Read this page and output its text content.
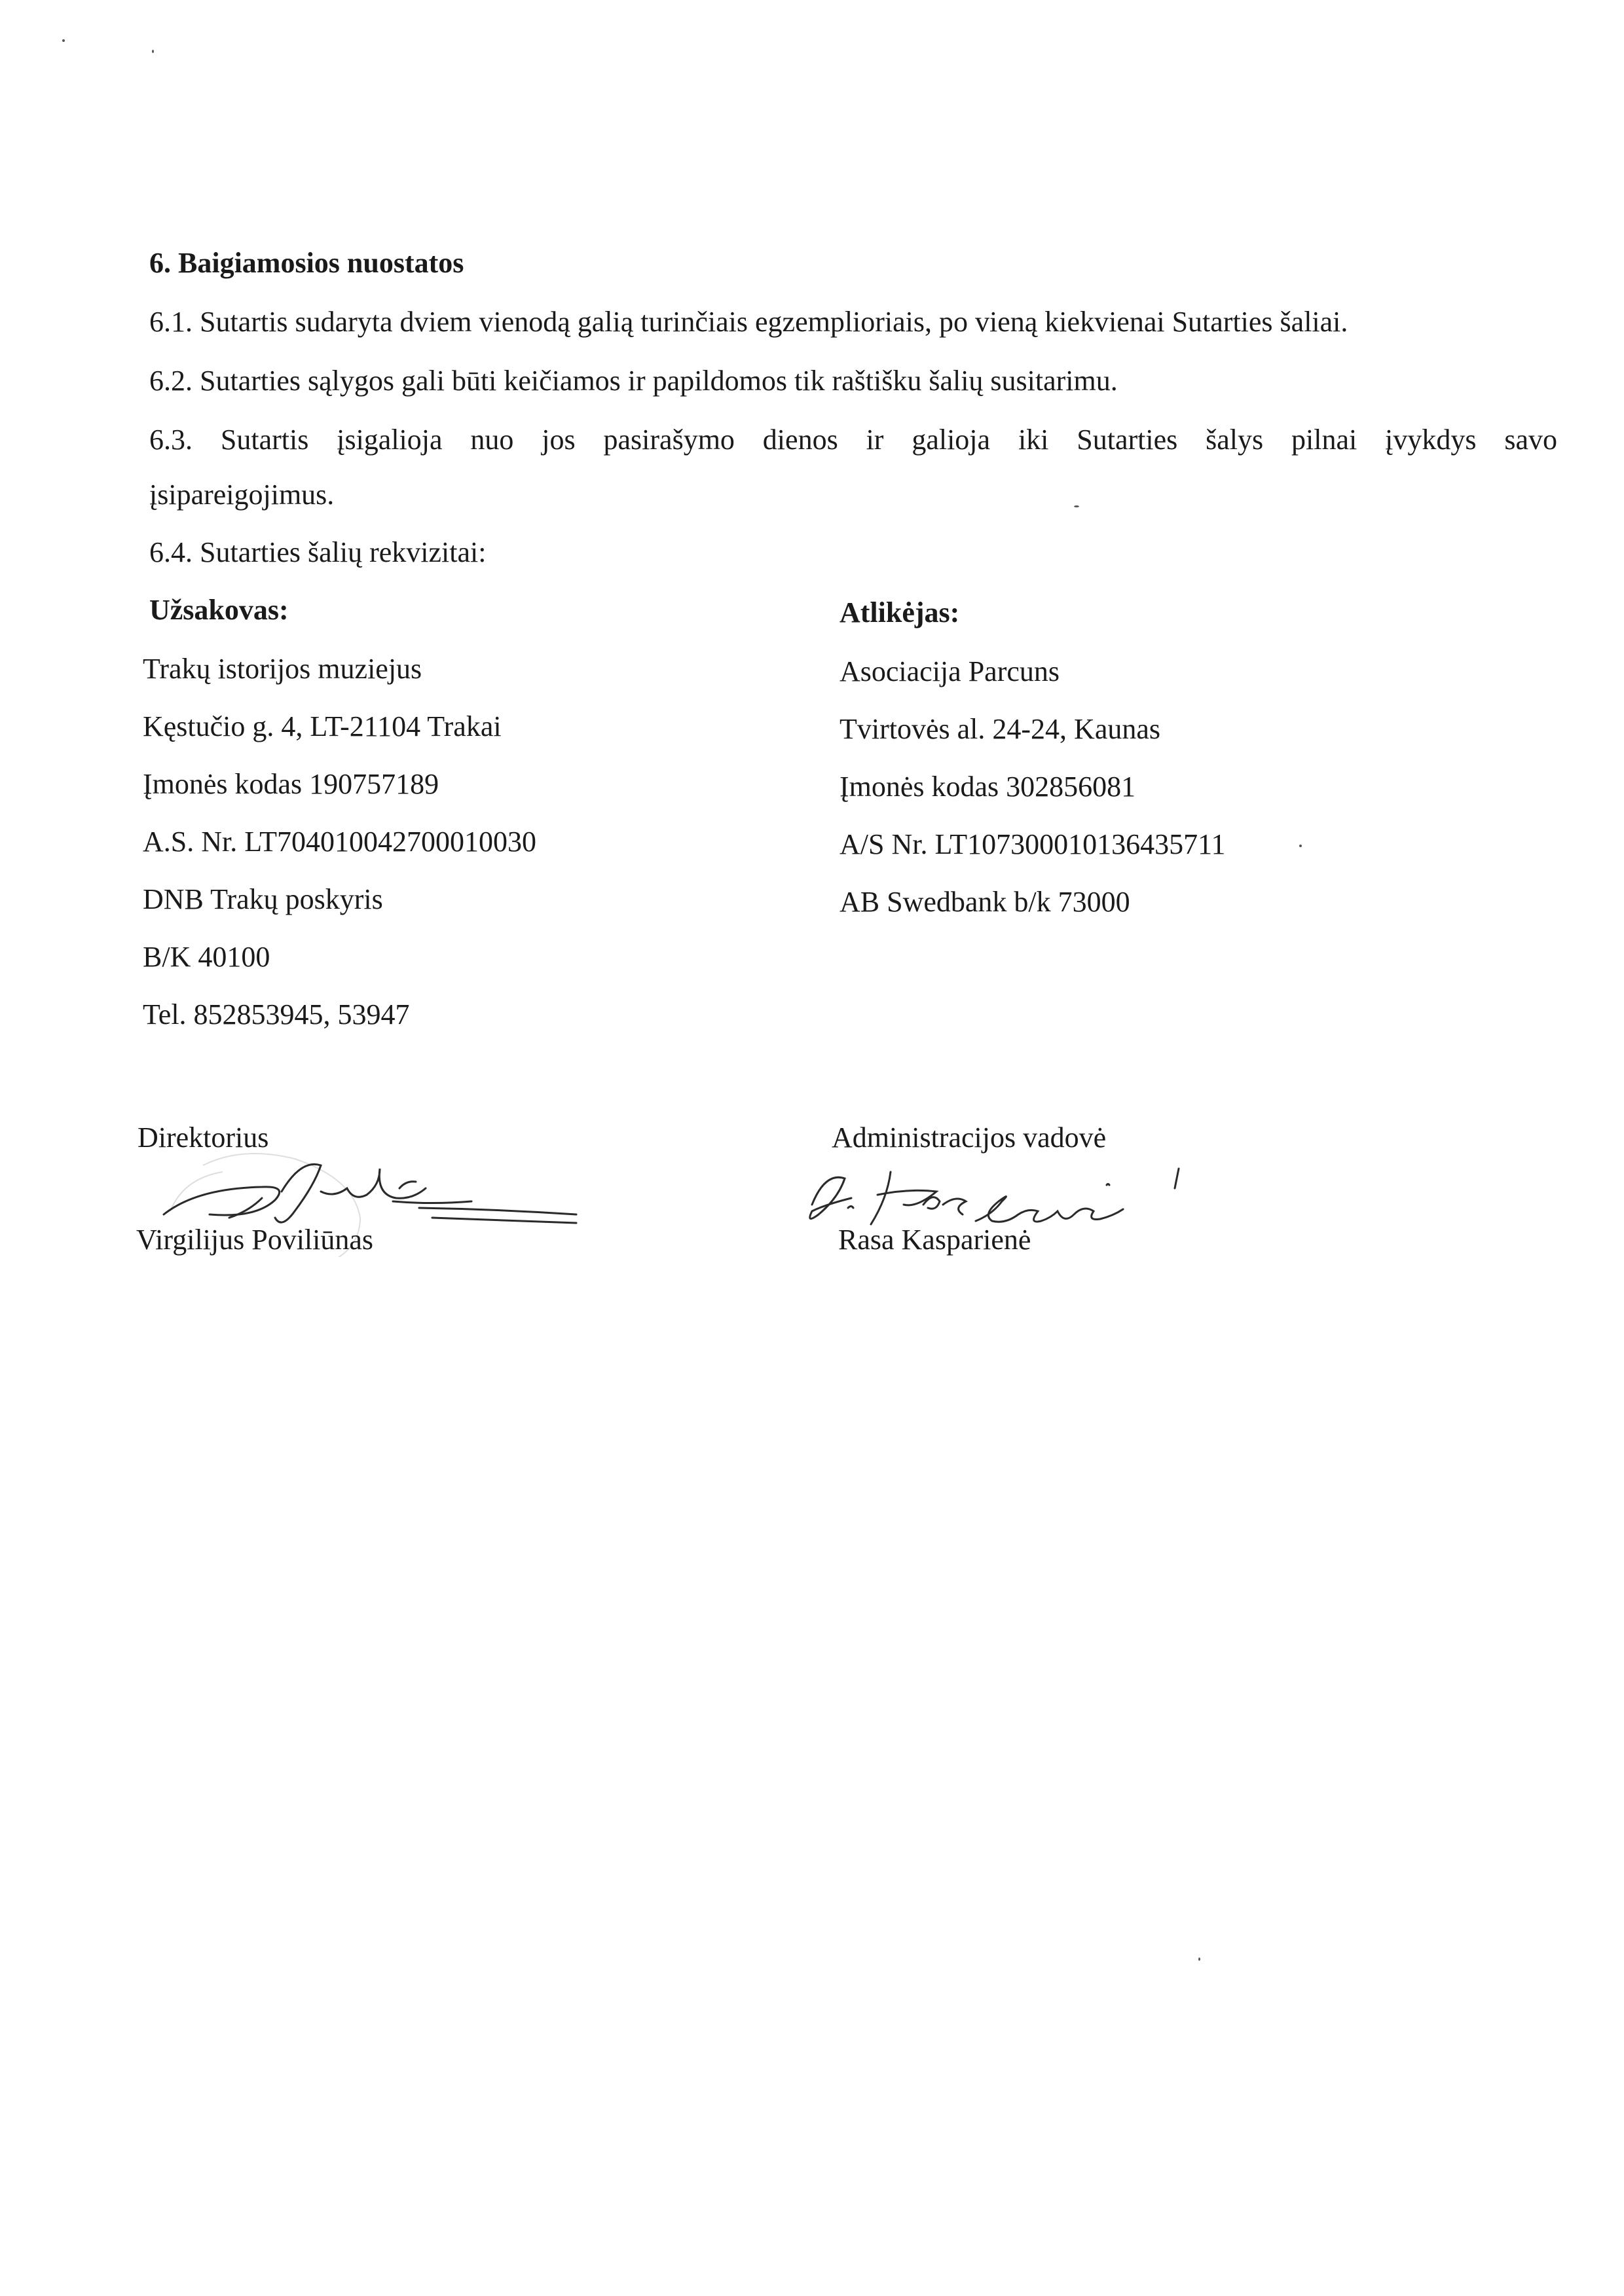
6. Baigiamosios nuostatos
6.1. Sutartis sudaryta dviem vienodą galią turinčiais egzemplioriais, po vieną kiekvienai Sutarties šaliai.
6.2. Sutarties sąlygos gali būti keičiamos ir papildomos tik raštišku šalių susitarimu.
6.3. Sutartis įsigalioja nuo jos pasirašymo dienos ir galioja iki Sutarties šalys pilnai įvykdys savo
įsipareigojimus.
6.4. Sutarties šalių rekvizitai:
Užsakovas:
Trakų istorijos muziejus
Kęstučio g. 4, LT-21104 Trakai
Įmonės kodas 190757189
A.S. Nr. LT704010042700010030
DNB Trakų poskyris
B/K 40100
Tel. 852853945, 53947
Atlikėjas:
Asociacija Parcuns
Tvirtovės al. 24-24, Kaunas
Įmonės kodas 302856081
A/S Nr. LT107300010136435711
AB Swedbank b/k 73000
Direktorius
Virgilijus Poviliūnas
Administracijos vadovė
Rasa Kasparienė
